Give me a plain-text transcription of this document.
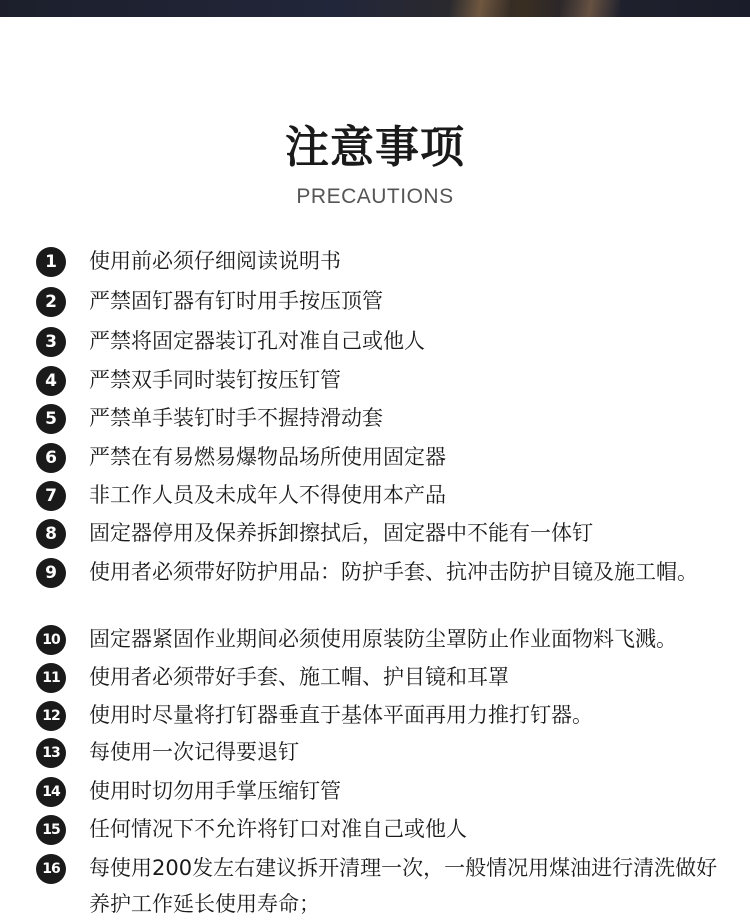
注意事项
PRECAUTIONS
1	使用前必须仔细阅读说明书
2	严禁固钉器有钉时用手按压顶管
3	严禁将固定器装订孔对准自己或他人
4	严禁双手同时装钉按压钉管
5	严禁单手装钉时手不握持滑动套
6	严禁在有易燃易爆物品场所使用固定器
7	非工作人员及未成年人不得使用本产品
8	固定器停用及保养拆卸擦拭后，固定器中不能有一体钉
9	使用者必须带好防护用品：防护手套、抗冲击防护目镜及施工帽。
10 固定器紧固作业期间必须使用原装防尘罩防止作业面物料飞溅。
11 使用者必须带好手套、施工帽、护目镜和耳罩
12 使用时尽量将打钉器垂直于基体平面再用力推打钉器。
13 每使用一次记得要退钉
14 使用时切勿用手掌压缩钉管
15 任何情况下不允许将钉口对准自己或他人
16 每使用200发左右建议拆开清理一次，一般情况用煤油进行清洗做好养护工作延长使用寿命；
